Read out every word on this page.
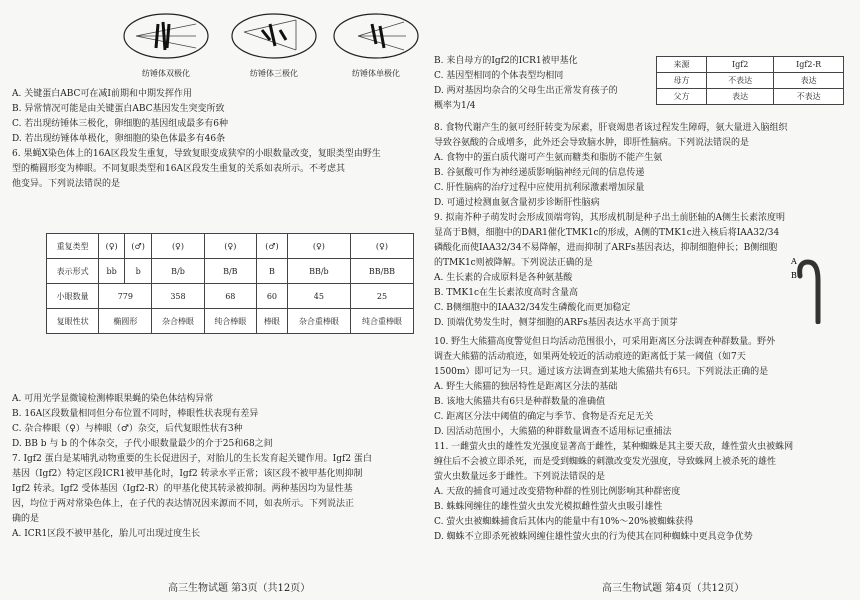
纺锤体双极化	纺锤体三极化	纺锤体单极化
A. 关键蛋白ABC可在减Ⅰ前期和中期发挥作用
B. 异常情况可能是由关键蛋白ABC基因发生突变所致
C. 若出现纺锤体三极化，卵细胞的基因组成最多有6种
D. 若出现纺锤体单极化，卵细胞的染色体最多有46条
6. 果蝇X染色体上的16A区段发生重复，导致复眼变成狭窄的小眼数量改变，复眼类型由野生
型的椭圆形变为棒眼。不同复眼类型和16A区段发生重复的关系如表所示。不考虑其
他变异。下列说法错误的是
重复类型	(♀)	(♂)	(♀)	(♀)	(♂)	(♀)	(♀)
表示形式	bb	b	B/b	B/B	B	BB/b	BB/BB
小眼数量	779		358	68	60	45	25
复眼性状	椭圆形		杂合棒眼	纯合棒眼	棒眼	杂合重棒眼	纯合重棒眼
A. 可用光学显微镜检测棒眼果蝇的染色体结构异常
B. 16A区段数量相同但分布位置不同时，棒眼性状表现有差异
C. 杂合棒眼（♀）与棒眼（♂）杂交，后代复眼性状有3种
D. BB b 与 b 的个体杂交，子代小眼数量最少的介于25和68之间
7. Igf2 蛋白是某哺乳动物重要的生长促进因子，对胎儿的生长发育起关键作用。Igf2 蛋白
基因（Igf2）特定区段ICR1被甲基化时，Igf2 转录水平正常；该区段不被甲基化则抑制
Igf2 转录。Igf2 受体基因（Igf2-R）的甲基化使其转录被抑制。两种基因均为显性基
因，均位于两对常染色体上，在子代的表达情况因来源而不同，如表所示。下列说法正
确的是
A. ICR1区段不被甲基化，胎儿可出现过度生长
高三生物试题 第3页（共12页）
B. 来自母方的Igf2的ICR1被甲基化
C. 基因型相同的个体表型均相同
D. 两对基因均杂合的父母生出正常发育孩子的
概率为1/4
来源	Igf2	Igf2-R
母方	不表达	表达
父方	表达	不表达
8. 食物代谢产生的氨可经肝转变为尿素，肝衰竭患者该过程发生障碍，氨大量进入脑组织
导致谷氨酸的合成增多，此外还会导致脑水肿，即肝性脑病。下列说法错误的是
A. 食物中的蛋白质代谢可产生氨而糖类和脂肪不能产生氨
B. 谷氨酸可作为神经递质影响脑神经元间的信息传递
C. 肝性脑病的治疗过程中应使用抗利尿激素增加尿量
D. 可通过检测血氨含量初步诊断肝性脑病
9. 拟南芥种子萌发时会形成顶端弯钩，其形成机制是种子出土前胚轴的A侧生长素浓度明
显高于B侧，细胞中的DAR1催化TMK1c的形成，A侧的TMK1c进入核后将IAA32/34
磷酸化而使IAA32/34不易降解，进而抑制了ARFs基因表达，抑制细胞伸长；B侧细胞
的TMK1c则被降解。下列说法正确的是
A. 生长素的合成原料是各种氨基酸
B. TMK1c在生长素浓度高时含量高
C. B侧细胞中的IAA32/34发生磷酸化而更加稳定
D. 顶端优势发生时，侧芽细胞的ARFs基因表达水平高于顶芽
A
B
10. 野生大熊猫高度警觉但日均活动范围很小，可采用距离区分法调查种群数量。野外
调查大熊猫的活动痕迹，如果两处较近的活动痕迹的距离低于某一阈值（如7天
1500m）即可记为一只。通过该方法调查到某地大熊猫共有6只。下列说法正确的是
A. 野生大熊猫的独居特性是距离区分法的基础
B. 该地大熊猫共有6只是种群数量的准确值
C. 距离区分法中阈值的确定与季节、食物是否充足无关
D. 因活动范围小，大熊猫的种群数量调查不适用标记重捕法
11. 一雌萤火虫的雄性发光强度显著高于雌性，某种蜘蛛是其主要天敌，雄性萤火虫被蛛网
缠住后不会被立即杀死，而是受到蜘蛛的刺激改变发光强度，导致蛛网上被杀死的雄性
萤火虫数量远多于雌性。下列说法错误的是
A. 天敌的捕食可通过改变猎物种群的性别比例影响其种群密度
B. 蛛蛛网缠住的雄性萤火虫发光模拟雌性萤火虫吸引雄性
C. 萤火虫被蜘蛛捕食后其体内的能量中有10%～20%被蜘蛛获得
D. 蜘蛛不立即杀死被蛛网缠住雄性萤火虫的行为使其在同种蜘蛛中更具竞争优势
高三生物试题 第4页（共12页）
